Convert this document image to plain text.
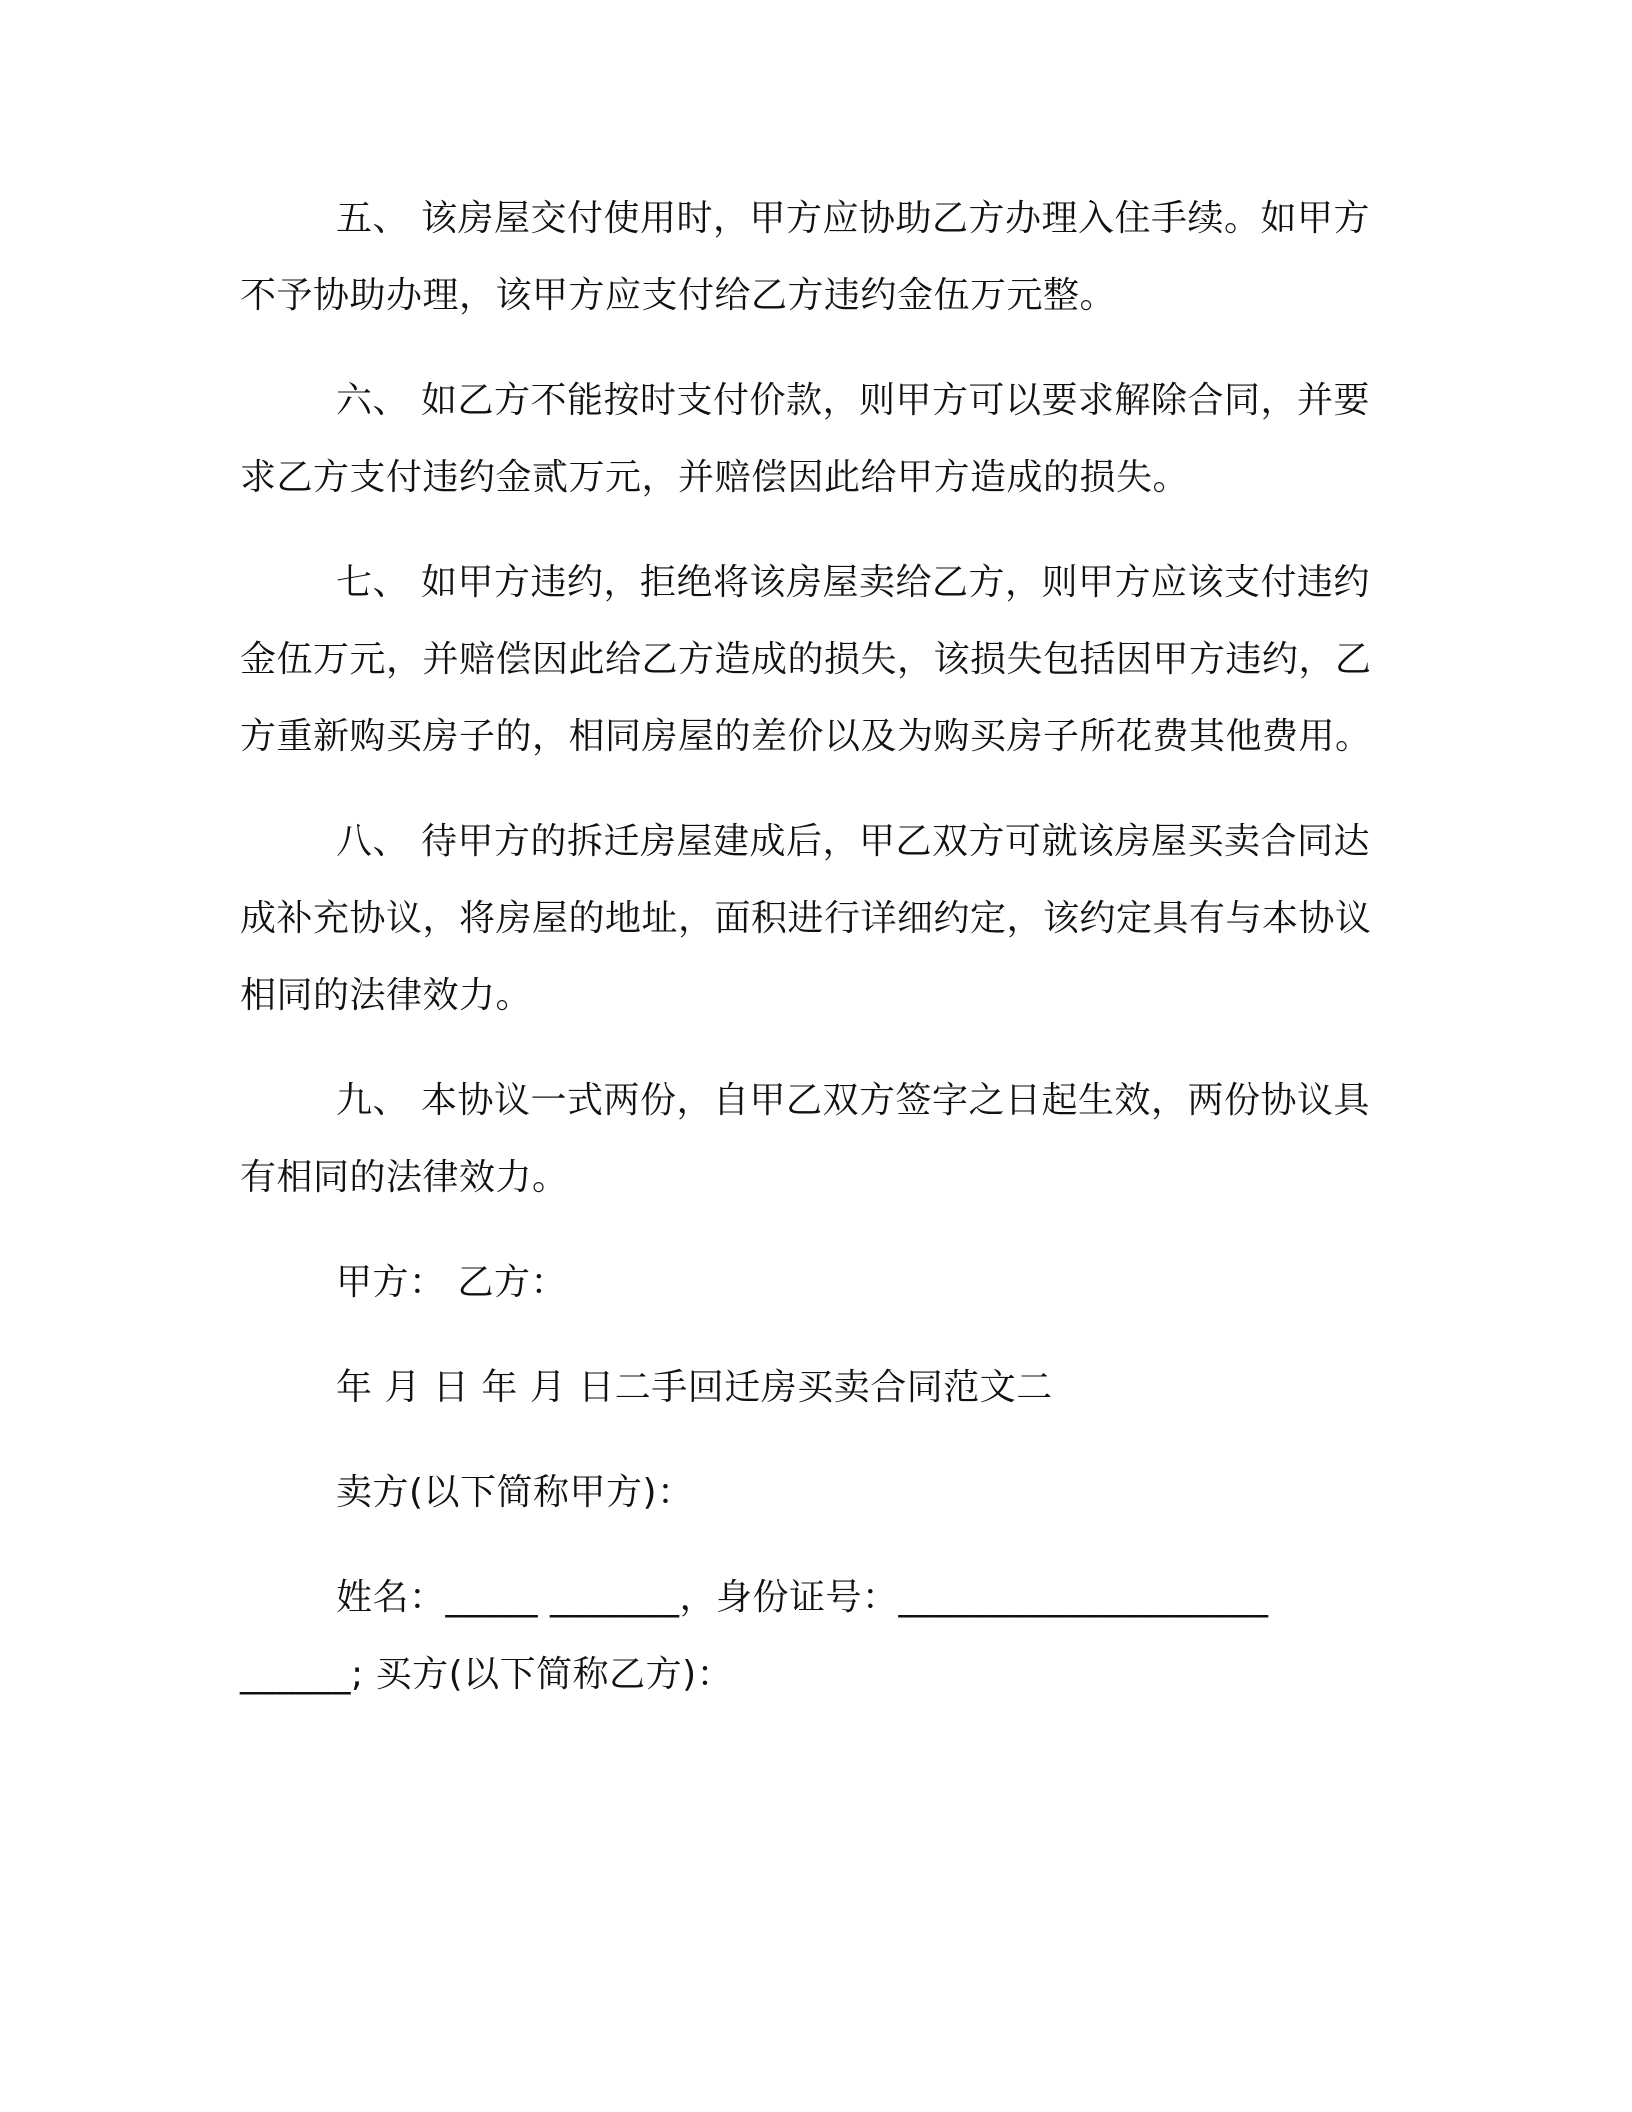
五、 该房屋交付使用时，甲方应协助乙方办理入住手续。如甲方不予协助办理，该甲方应支付给乙方违约金伍万元整。

六、 如乙方不能按时支付价款，则甲方可以要求解除合同，并要求乙方支付违约金贰万元，并赔偿因此给甲方造成的损失。

七、 如甲方违约，拒绝将该房屋卖给乙方，则甲方应该支付违约金伍万元，并赔偿因此给乙方造成的损失，该损失包括因甲方违约，乙方重新购买房子的，相同房屋的差价以及为购买房子所花费其他费用。

八、 待甲方的拆迁房屋建成后，甲乙双方可就该房屋买卖合同达成补充协议，将房屋的地址，面积进行详细约定，该约定具有与本协议相同的法律效力。

九、 本协议一式两份，自甲乙双方签字之日起生效，两份协议具有相同的法律效力。

甲方： 乙方：

年 月 日 年 月 日二手回迁房买卖合同范文二

卖方(以下简称甲方)：

姓名：_____ _______，身份证号：____________________
______; 买方(以下简称乙方)：
